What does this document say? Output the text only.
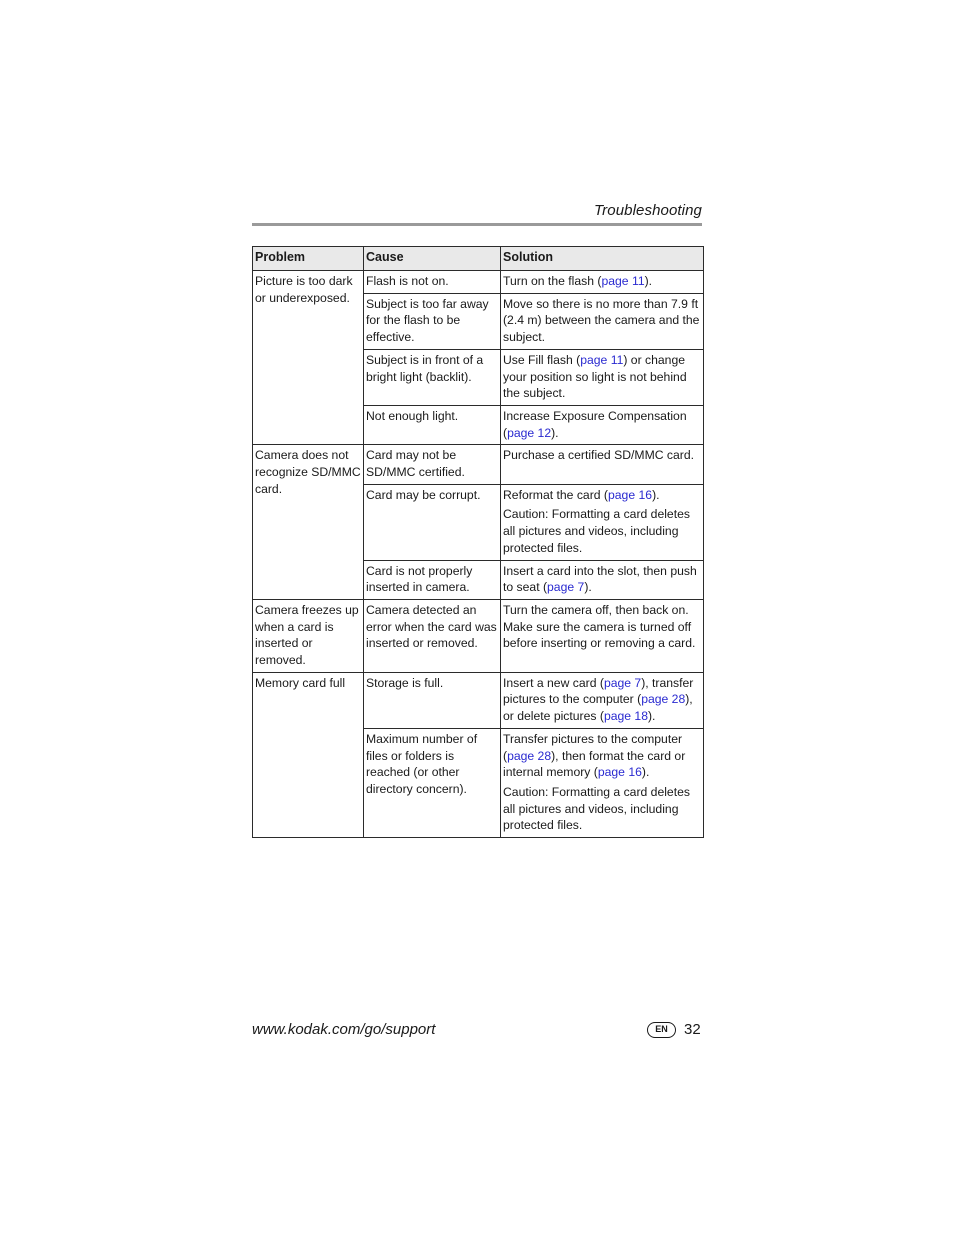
Troubleshooting
Problem	Cause	Solution
Picture is too dark or underexposed.	Flash is not on.	Turn on the flash (page 11).

	Subject is too far away for the flash to be effective.	Move so there is no more than 7.9 ft (2.4 m) between the camera and the subject.

	Subject is in front of a bright light (backlit).	Use Fill flash (page 11) or change your position so light is not behind the subject.

	Not enough light.	Increase Exposure Compensation (page 12).

Camera does not recognize SD/MMC card.	Card may not be SD/MMC certified.	Purchase a certified SD/MMC card.

	Card may be corrupt.	Reformat the card (page 16).
Caution: Formatting a card deletes all pictures and videos, including protected files.

	Card is not properly inserted in camera.	Insert a card into the slot, then push to seat (page 7).

Camera freezes up when a card is inserted or removed.	Camera detected an error when the card was inserted or removed.	Turn the camera off, then back on. Make sure the camera is turned off before inserting or removing a card.

Memory card full	Storage is full.	Insert a new card (page 7), transfer pictures to the computer (page 28), or delete pictures (page 18).

	Maximum number of files or folders is reached (or other directory concern).	Transfer pictures to the computer (page 28), then format the card or internal memory (page 16).
Caution: Formatting a card deletes all pictures and videos, including protected files.
www.kodak.com/go/support	EN	32
